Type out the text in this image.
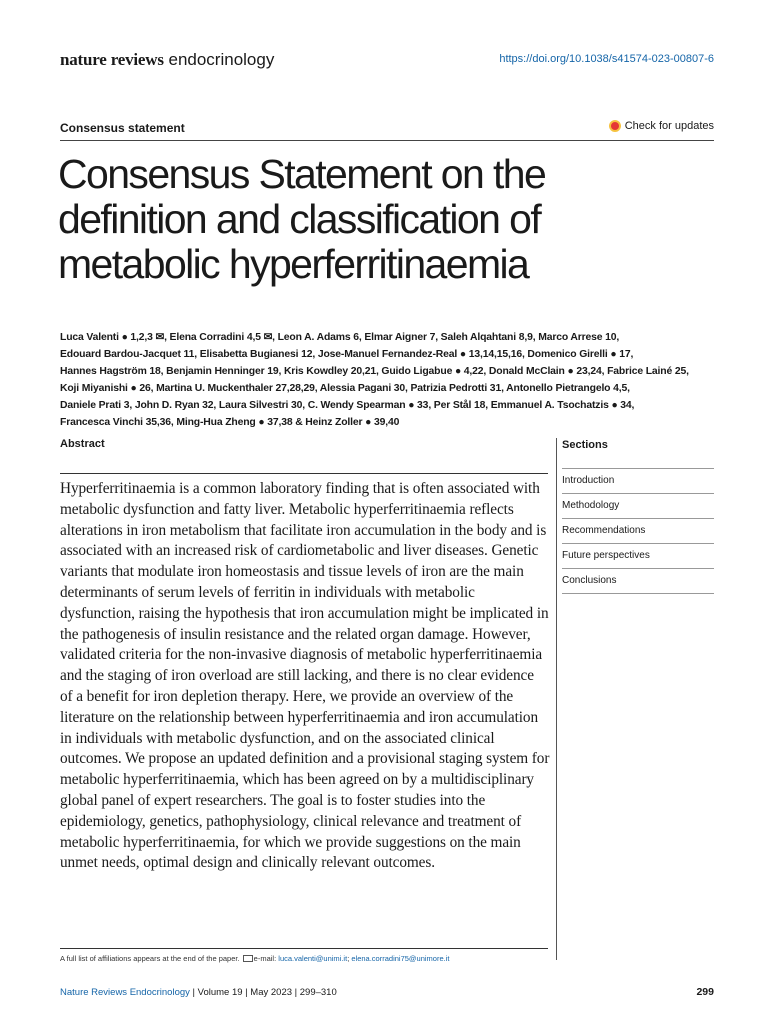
nature reviews endocrinology	https://doi.org/10.1038/s41574-023-00807-6
Consensus statement	Check for updates
Consensus Statement on the definition and classification of metabolic hyperferritinaemia
Luca Valenti ● 1,2,3 ✉, Elena Corradini 4,5 ✉, Leon A. Adams 6, Elmar Aigner 7, Saleh Alqahtani 8,9, Marco Arrese 10,
Edouard Bardou-Jacquet 11, Elisabetta Bugianesi 12, Jose-Manuel Fernandez-Real ● 13,14,15,16, Domenico Girelli ● 17,
Hannes Hagström 18, Benjamin Henninger 19, Kris Kowdley 20,21, Guido Ligabue ● 4,22, Donald McClain ● 23,24, Fabrice Lainé 25,
Koji Miyanishi ● 26, Martina U. Muckenthaler 27,28,29, Alessia Pagani 30, Patrizia Pedrotti 31, Antonello Pietrangelo 4,5,
Daniele Prati 3, John D. Ryan 32, Laura Silvestri 30, C. Wendy Spearman ● 33, Per Stål 18, Emmanuel A. Tsochatzis ● 34,
Francesca Vinchi 35,36, Ming-Hua Zheng ● 37,38 & Heinz Zoller ● 39,40
Abstract

Hyperferritinaemia is a common laboratory finding that is often associated with metabolic dysfunction and fatty liver. Metabolic hyperferritinaemia reflects alterations in iron metabolism that facilitate iron accumulation in the body and is associated with an increased risk of cardiometabolic and liver diseases. Genetic variants that modulate iron homeostasis and tissue levels of iron are the main determinants of serum levels of ferritin in individuals with metabolic dysfunction, raising the hypothesis that iron accumulation might be implicated in the pathogenesis of insulin resistance and the related organ damage. However, validated criteria for the non-invasive diagnosis of metabolic hyperferritinaemia and the staging of iron overload are still lacking, and there is no clear evidence of a benefit for iron depletion therapy. Here, we provide an overview of the literature on the relationship between hyperferritinaemia and iron accumulation in individuals with metabolic dysfunction, and on the associated clinical outcomes. We propose an updated definition and a provisional staging system for metabolic hyperferritinaemia, which has been agreed on by a multidisciplinary global panel of expert researchers. The goal is to foster studies into the epidemiology, genetics, pathophysiology, clinical relevance and treatment of metabolic hyperferritinaemia, for which we provide suggestions on the main unmet needs, optimal design and clinically relevant outcomes.

Sections
Introduction
Methodology
Recommendations
Future perspectives
Conclusions
A full list of affiliations appears at the end of the paper. e-mail: luca.valenti@unimi.it; elena.corradini75@unimore.it
Nature Reviews Endocrinology | Volume 19 | May 2023 | 299–310	299
